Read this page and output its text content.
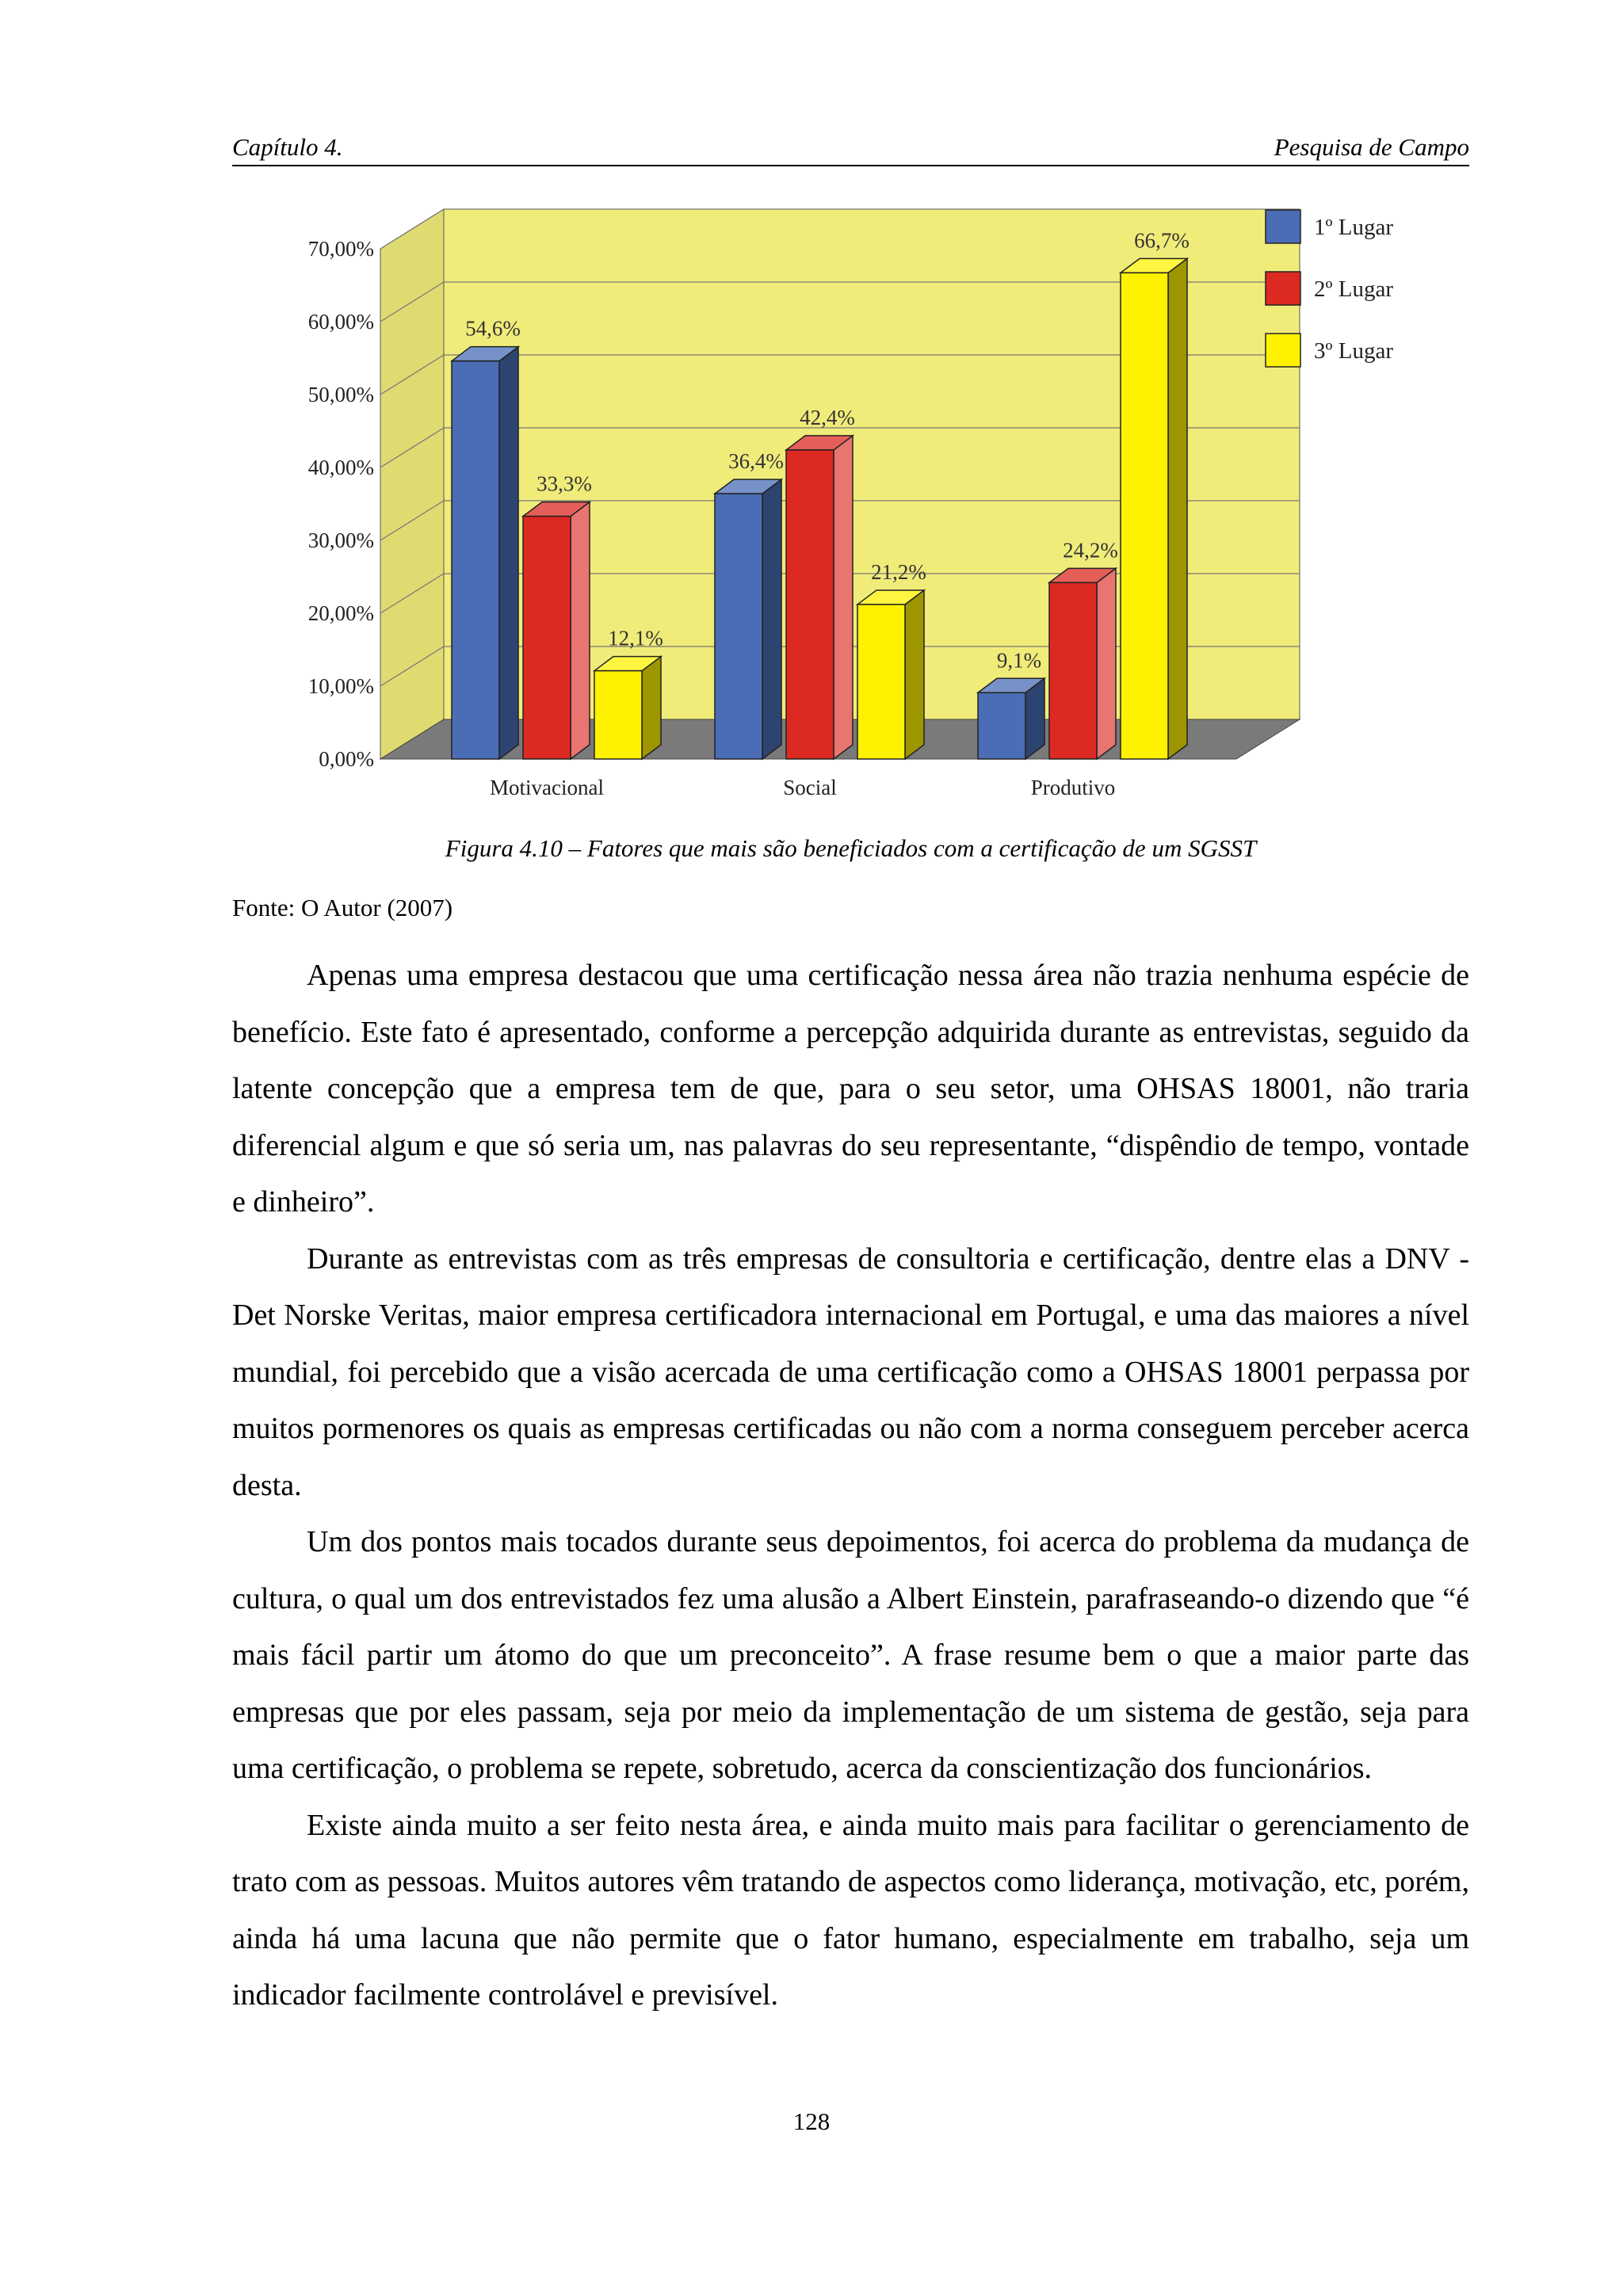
Capítulo 4.	Pesquisa de Campo
0,00%
10,00%
20,00%
30,00%
40,00%
50,00%
60,00%
70,00%
54,6%
33,3%
12,1%
Motivacional
36,4%
42,4%
21,2%
Social
9,1%
24,2%
66,7%
Produtivo
1º Lugar
2º Lugar
3º Lugar
Figura 4.10 – Fatores que mais são beneficiados com a certificação de um SGSST
Fonte: O Autor (2007)

Apenas uma empresa destacou que uma certificação nessa área não trazia nenhuma espécie de benefício. Este fato é apresentado, conforme a percepção adquirida durante as entrevistas, seguido da latente concepção que a empresa tem de que, para o seu setor, uma OHSAS 18001, não traria diferencial algum e que só seria um, nas palavras do seu representante, “dispêndio de tempo, vontade e dinheiro”.

Durante as entrevistas com as três empresas de consultoria e certificação, dentre elas a DNV - Det Norske Veritas, maior empresa certificadora internacional em Portugal, e uma das maiores a nível mundial, foi percebido que a visão acercada de uma certificação como a OHSAS 18001 perpassa por muitos pormenores os quais as empresas certificadas ou não com a norma conseguem perceber acerca desta.

Um dos pontos mais tocados durante seus depoimentos, foi acerca do problema da mudança de cultura, o qual um dos entrevistados fez uma alusão a Albert Einstein, parafraseando-o dizendo que “é mais fácil partir um átomo do que um preconceito”. A frase resume bem o que a maior parte das empresas que por eles passam, seja por meio da implementação de um sistema de gestão, seja para uma certificação, o problema se repete, sobretudo, acerca da conscientização dos funcionários.

Existe ainda muito a ser feito nesta área, e ainda muito mais para facilitar o gerenciamento de trato com as pessoas. Muitos autores vêm tratando de aspectos como liderança, motivação, etc, porém, ainda há uma lacuna que não permite que o fator humano, especialmente em trabalho, seja um indicador facilmente controlável e previsível.

128
